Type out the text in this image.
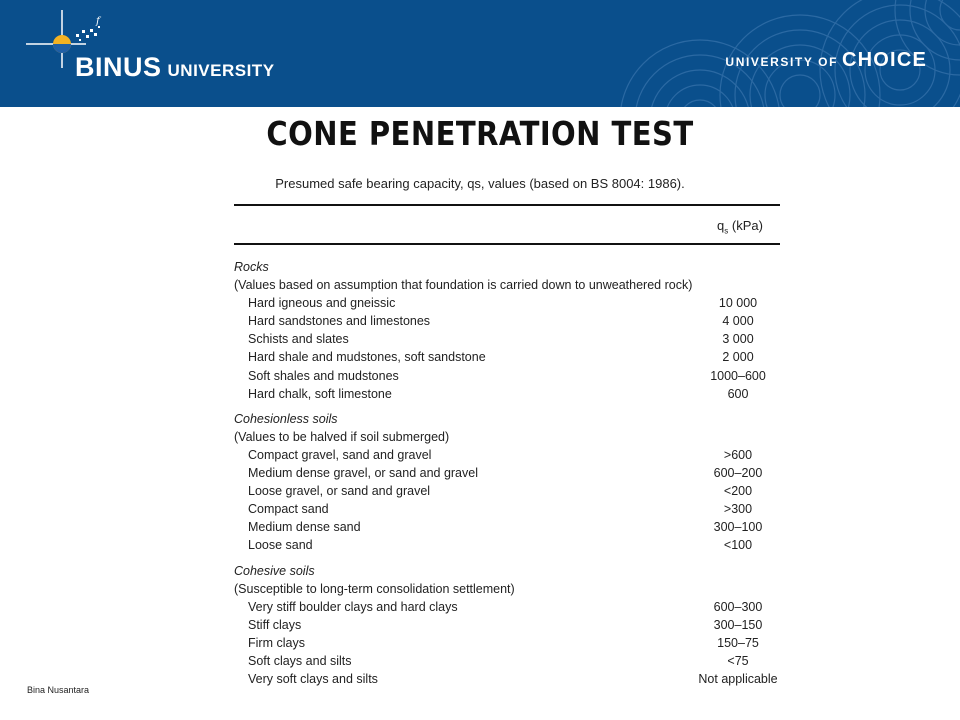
f
BINUS UNIVERSITY	UNIVERSITY OF CHOICE
CONE PENETRATION TEST
Presumed safe bearing capacity, qs, values (based on BS 8004: 1986).
$q_s$ (kPa)
Rocks
(Values based on assumption that foundation is carried down to unweathered rock)
Hard igneous and gneissic	10 000
Hard sandstones and limestones	4 000
Schists and slates	3 000
Hard shale and mudstones, soft sandstone	2 000
Soft shales and mudstones	1000–600
Hard chalk, soft limestone	600
Cohesionless soils
(Values to be halved if soil submerged)
Compact gravel, sand and gravel	>600
Medium dense gravel, or sand and gravel	600–200
Loose gravel, or sand and gravel	<200
Compact sand	>300
Medium dense sand	300–100
Loose sand	<100
Cohesive soils
(Susceptible to long-term consolidation settlement)
Very stiff boulder clays and hard clays	600–300
Stiff clays	300–150
Firm clays	150–75
Soft clays and silts	<75
Very soft clays and silts	Not applicable
Bina Nusantara
